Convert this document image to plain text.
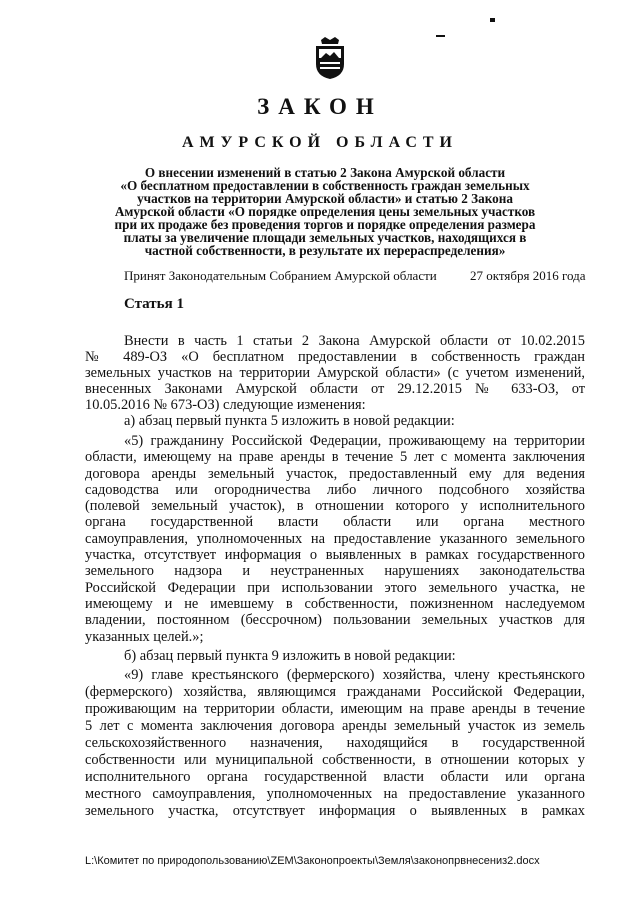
ЗАКОН
АМУРСКОЙ ОБЛАСТИ
О внесении изменений в статью 2 Закона Амурской области
«О бесплатном предоставлении в собственность граждан земельных
участков на территории Амурской области» и статью 2 Закона
Амурской области «О порядке определения цены земельных участков
при их продаже без проведения торгов и порядке определения размера
платы за увеличение площади земельных участков, находящихся в
частной собственности, в результате их перераспределения»
Принят Законодательным Собранием Амурской области	27 октября 2016 года
Статья 1
Внести в часть 1 статьи 2 Закона Амурской области от 10.02.2015
№ 489-ОЗ «О бесплатном предоставлении в собственность граждан
земельных участков на территории Амурской области» (с учетом изменений,
внесенных Законами Амурской области от 29.12.2015 № 633-ОЗ, от
10.05.2016 № 673-ОЗ) следующие изменения:
а) абзац первый пункта 5 изложить в новой редакции:
«5) гражданину Российской Федерации, проживающему на территории
области, имеющему на праве аренды в течение 5 лет с момента заключения
договора аренды земельный участок, предоставленный ему для ведения
садоводства или огородничества либо личного подсобного хозяйства
(полевой земельный участок), в отношении которого у исполнительного
органа государственной власти области или органа местного
самоуправления, уполномоченных на предоставление указанного земельного
участка, отсутствует информация о выявленных в рамках государственного
земельного надзора и неустраненных нарушениях законодательства
Российской Федерации при использовании этого земельного участка, не
имеющему и не имевшему в собственности, пожизненном наследуемом
владении, постоянном (бессрочном) пользовании земельных участков для
указанных целей.»;
б) абзац первый пункта 9 изложить в новой редакции:
«9) главе крестьянского (фермерского) хозяйства, члену крестьянского
(фермерского) хозяйства, являющимся гражданами Российской Федерации,
проживающим на территории области, имеющим на праве аренды в течение
5 лет с момента заключения договора аренды земельный участок из земель
сельскохозяйственного назначения, находящийся в государственной
собственности или муниципальной собственности, в отношении которых у
исполнительного органа государственной власти области или органа
местного самоуправления, уполномоченных на предоставление указанного
земельного участка, отсутствует информация о выявленных в рамках
L:\Комитет по природопользованию\ZEM\Законопроекты\Земля\законопрвнесениз2.docx
